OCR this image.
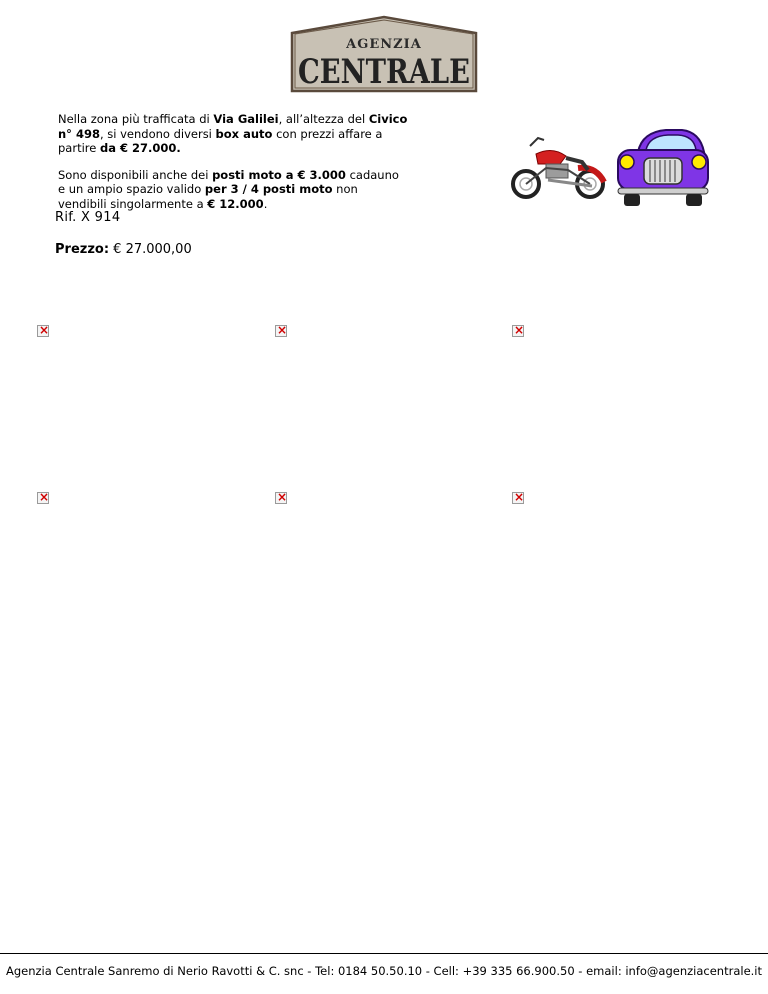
AGENZIA
CENTRALE

Nella zona più trafficata di Via Galilei, all’altezza del Civico n° 498, si vendono diversi box auto con prezzi affare a partire da € 27.000.

Sono disponibili anche dei posti moto a € 3.000 cadauno e un ampio spazio valido per 3 / 4 posti moto non vendibili singolarmente a € 12.000.

Rif. X 914
Prezzo: € 27.000,00
×
×
×
×
×
×
Agenzia Centrale Sanremo di Nerio Ravotti & C. snc - Tel: 0184 50.50.10 - Cell: +39 335 66.900.50 - email: info@agenziacentrale.it
